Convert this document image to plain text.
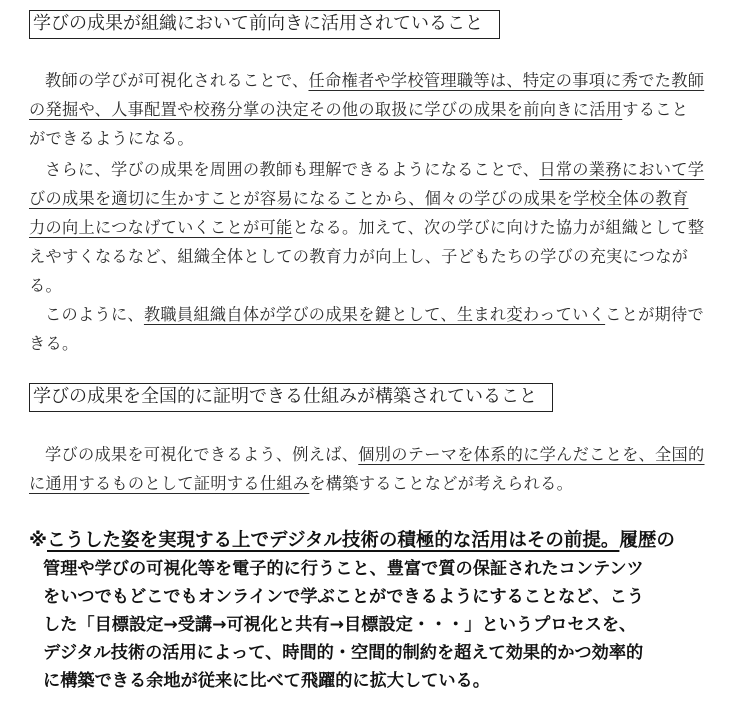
学びの成果が組織において前向きに活用されていること
教師の学びが可視化されることで、任命権者や学校管理職等は、特定の事項に秀でた教師
の発掘や、人事配置や校務分掌の決定その他の取扱に学びの成果を前向きに活用すること
ができるようになる。
さらに、学びの成果を周囲の教師も理解できるようになることで、日常の業務において学
びの成果を適切に生かすことが容易になることから、個々の学びの成果を学校全体の教育
力の向上につなげていくことが可能となる。加えて、次の学びに向けた協力が組織として整
えやすくなるなど、組織全体としての教育力が向上し、子どもたちの学びの充実につなが
る。
このように、教職員組織自体が学びの成果を鍵として、生まれ変わっていくことが期待で
きる。
学びの成果を全国的に証明できる仕組みが構築されていること
学びの成果を可視化できるよう、例えば、個別のテーマを体系的に学んだことを、全国的
に通用するものとして証明する仕組みを構築することなどが考えられる。
※こうした姿を実現する上でデジタル技術の積極的な活用はその前提。履歴の
管理や学びの可視化等を電子的に行うこと、豊富で質の保証されたコンテンツ
をいつでもどこでもオンラインで学ぶことができるようにすることなど、こう
した「目標設定→受講→可視化と共有→目標設定・・・」というプロセスを、
デジタル技術の活用によって、時間的・空間的制約を超えて効果的かつ効率的
に構築できる余地が従来に比べて飛躍的に拡大している。
